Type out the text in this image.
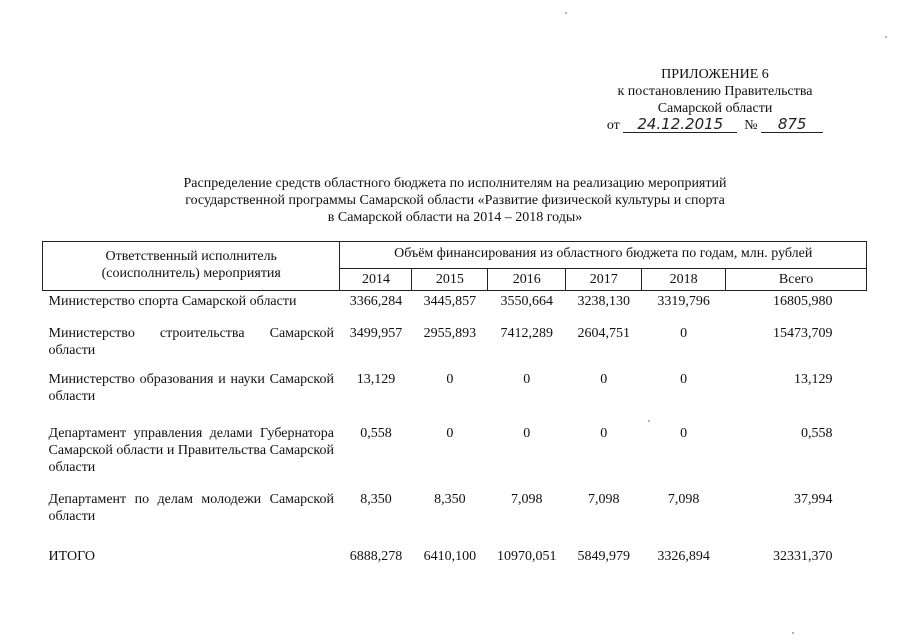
ПРИЛОЖЕНИЕ 6
к постановлению Правительства
Самарской области
от 24.12.2015 № 875
Распределение средств областного бюджета по исполнителям на реализацию мероприятий
государственной программы Самарской области «Развитие физической культуры и спорта
в Самарской области на 2014 – 2018 годы»
Ответственный исполнитель (соисполнитель) мероприятия	Объём финансирования из областного бюджета по годам, млн. рублей					
	2014	2015	2016	2017	2018	Всего
Министерство спорта Самарской области	3366,284	3445,857	3550,664	3238,130	3319,796	16805,980
Министерство строительства Самарской области	3499,957	2955,893	7412,289	2604,751	0	15473,709
Министерство образования и науки Самарской области	13,129	0	0	0	0	13,129
Департамент управления делами Губернатора Самарской области и Правительства Самарской области	0,558	0	0	0	0	0,558
Департамент по делам молодежи Самарской области	8,350	8,350	7,098	7,098	7,098	37,994
ИТОГО	6888,278	6410,100	10970,051	5849,979	3326,894	32331,370
